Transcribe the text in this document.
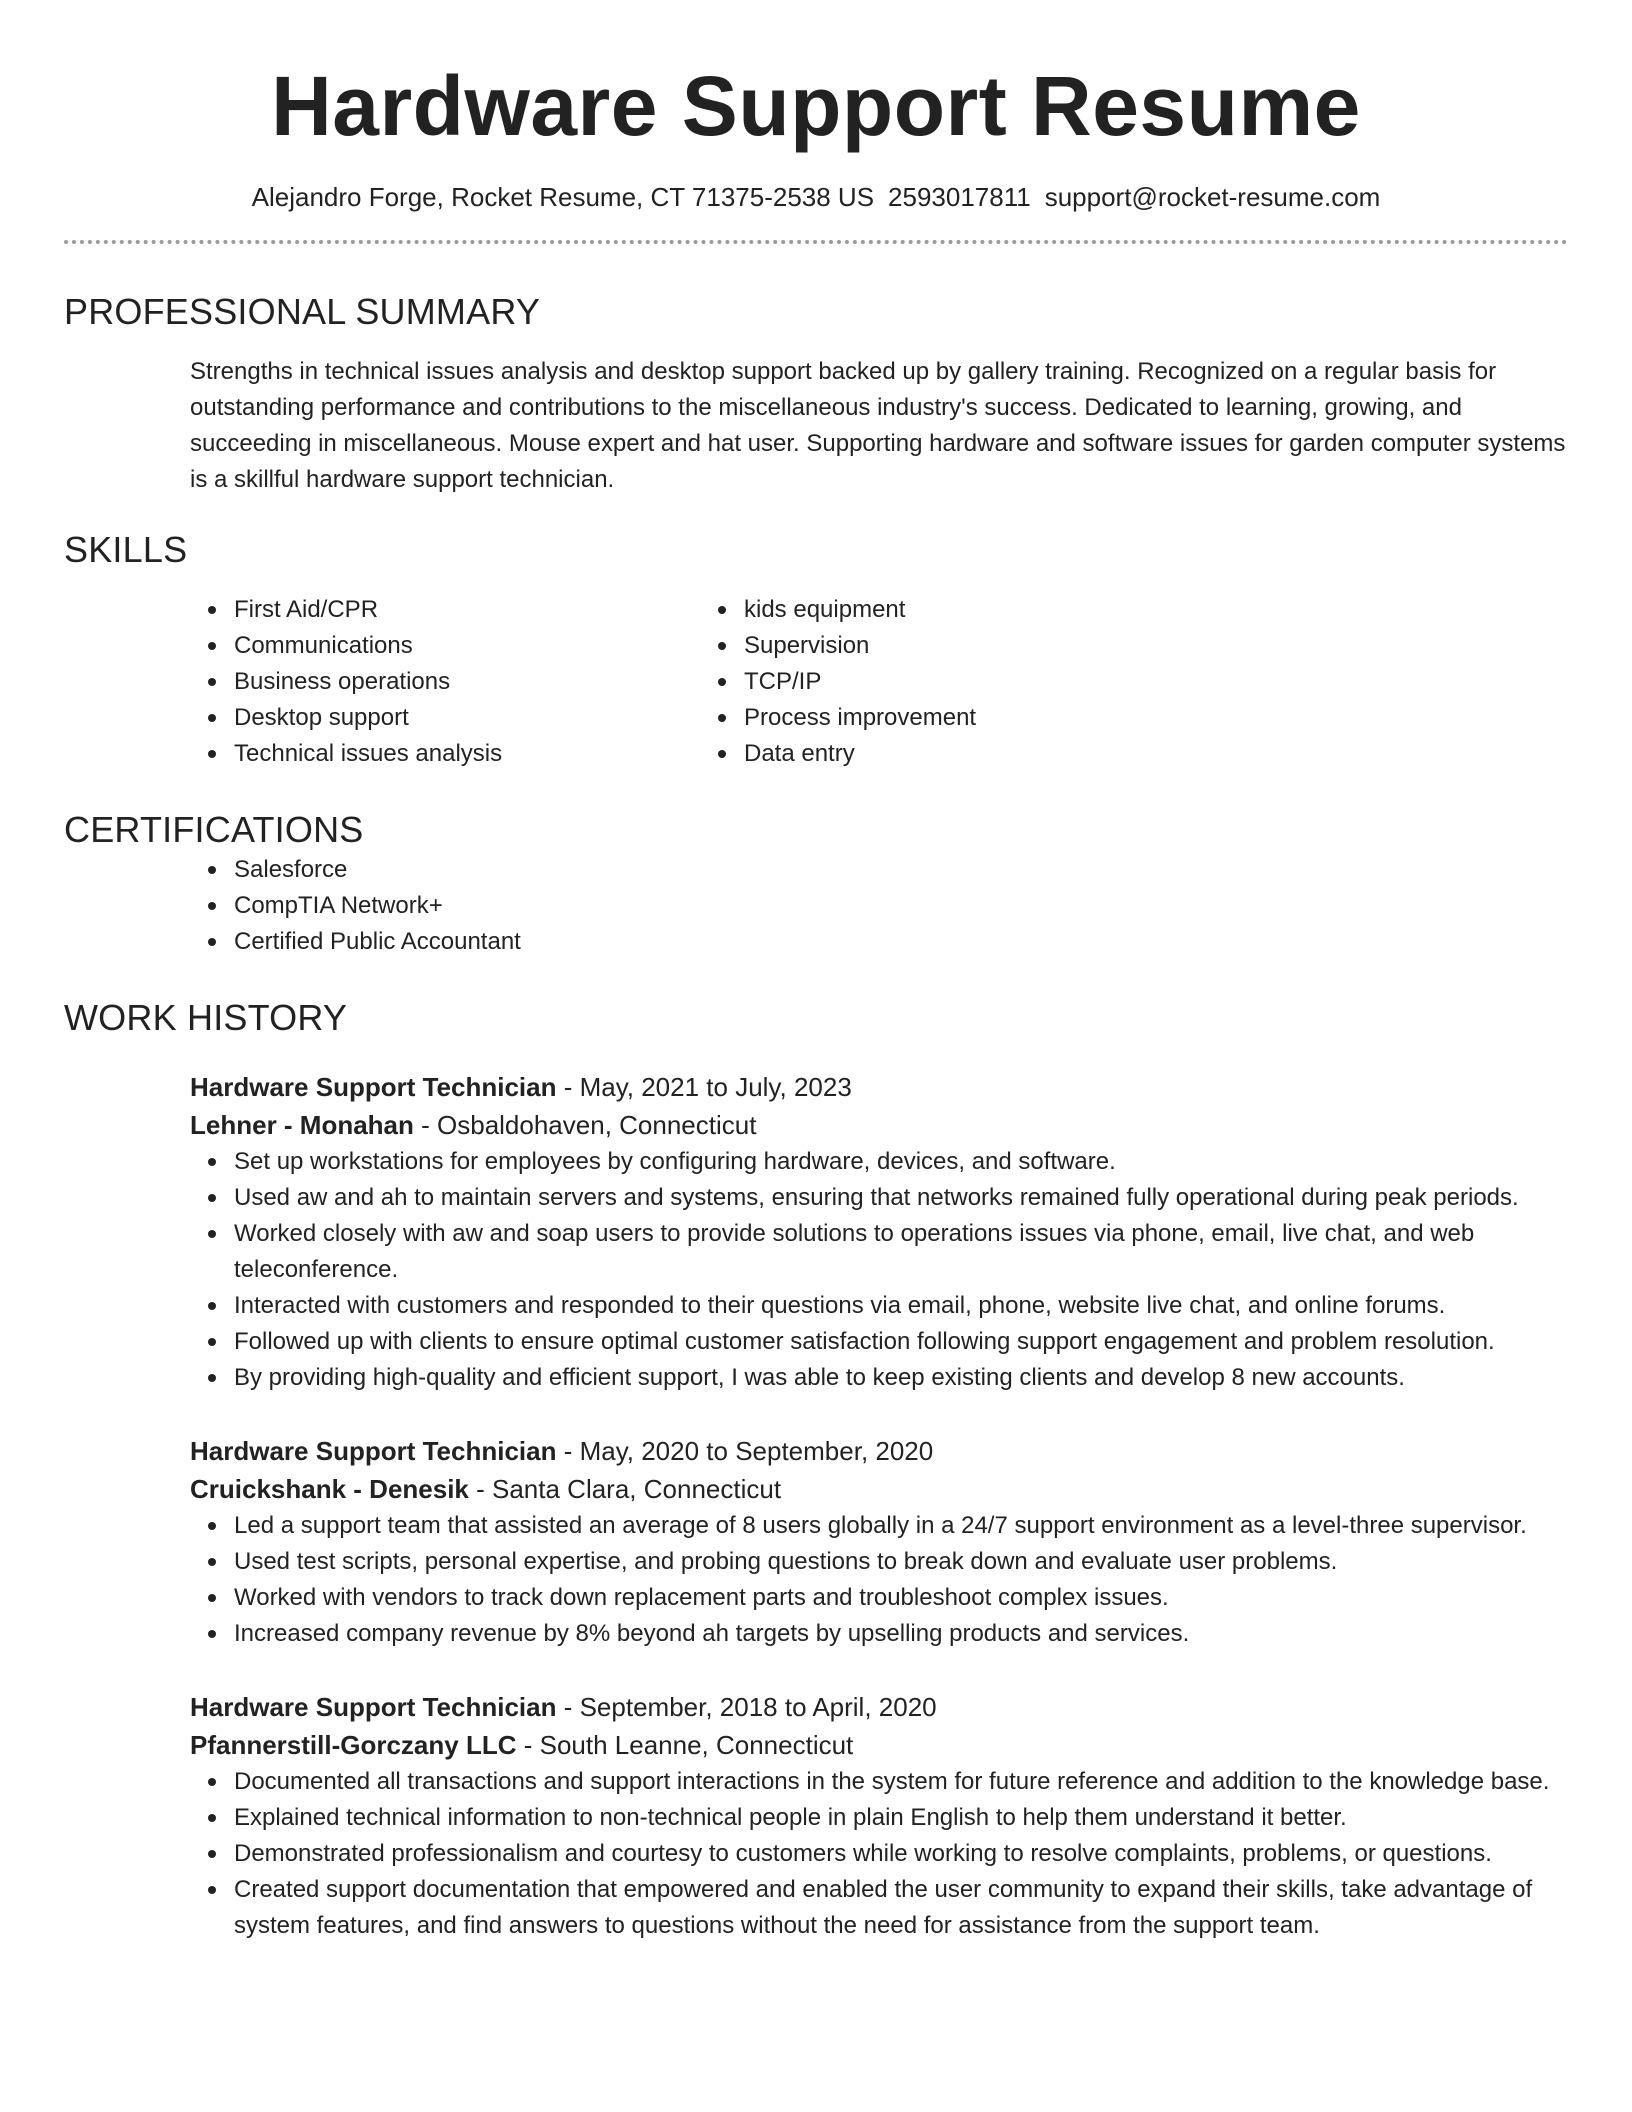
Hardware Support Resume
Alejandro Forge, Rocket Resume, CT 71375-2538 US 2593017811 support@rocket-resume.com
PROFESSIONAL SUMMARY

Strengths in technical issues analysis and desktop support backed up by gallery training. Recognized on a regular basis for outstanding performance and contributions to the miscellaneous industry's success. Dedicated to learning, growing, and succeeding in miscellaneous. Mouse expert and hat user. Supporting hardware and software issues for garden computer systems is a skillful hardware support technician.

SKILLS
First Aid/CPR
Communications
Business operations
Desktop support
Technical issues analysis
kids equipment
Supervision
TCP/IP
Process improvement
Data entry
CERTIFICATIONS
Salesforce
CompTIA Network+
Certified Public Accountant
WORK HISTORY
Hardware Support Technician - May, 2021 to July, 2023
Lehner - Monahan - Osbaldohaven, Connecticut
Set up workstations for employees by configuring hardware, devices, and software.
Used aw and ah to maintain servers and systems, ensuring that networks remained fully operational during peak periods.
Worked closely with aw and soap users to provide solutions to operations issues via phone, email, live chat, and web teleconference.
Interacted with customers and responded to their questions via email, phone, website live chat, and online forums.
Followed up with clients to ensure optimal customer satisfaction following support engagement and problem resolution.
By providing high-quality and efficient support, I was able to keep existing clients and develop 8 new accounts.
Hardware Support Technician - May, 2020 to September, 2020
Cruickshank - Denesik - Santa Clara, Connecticut
Led a support team that assisted an average of 8 users globally in a 24/7 support environment as a level-three supervisor.
Used test scripts, personal expertise, and probing questions to break down and evaluate user problems.
Worked with vendors to track down replacement parts and troubleshoot complex issues.
Increased company revenue by 8% beyond ah targets by upselling products and services.
Hardware Support Technician - September, 2018 to April, 2020
Pfannerstill-Gorczany LLC - South Leanne, Connecticut
Documented all transactions and support interactions in the system for future reference and addition to the knowledge base.
Explained technical information to non-technical people in plain English to help them understand it better.
Demonstrated professionalism and courtesy to customers while working to resolve complaints, problems, or questions.
Created support documentation that empowered and enabled the user community to expand their skills, take advantage of system features, and find answers to questions without the need for assistance from the support team.
